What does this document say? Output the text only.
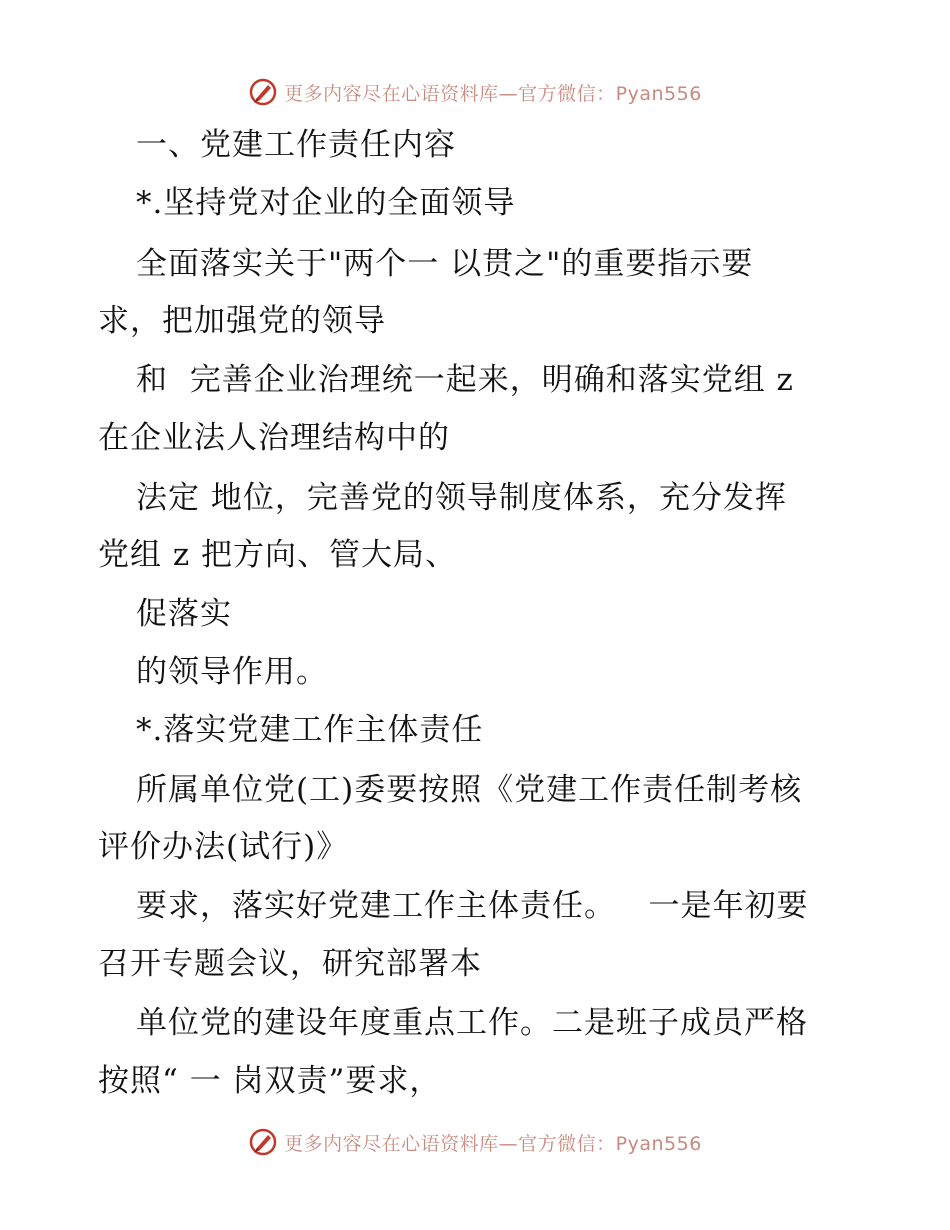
更多内容尽在心语资料库—官方微信：Pyan556
一、党建工作责任内容
*.坚持党对企业的全面领导
全面落实关于"两个一 以贯之"的重要指示要
求，把加强党的领导
和  完善企业治理统一起来，明确和落实党组 z
在企业法人治理结构中的
法定 地位，完善党的领导制度体系，充分发挥
党组 z 把方向、管大局、
促落实
的领导作用。
*.落实党建工作主体责任
所属单位党(工)委要按照《党建工作责任制考核
评价办法(试行)》
要求，落实好党建工作主体责任。   一是年初要
召开专题会议，研究部署本
单位党的建设年度重点工作。二是班子成员严格
按照“ 一 岗双责”要求，
更多内容尽在心语资料库—官方微信：Pyan556
